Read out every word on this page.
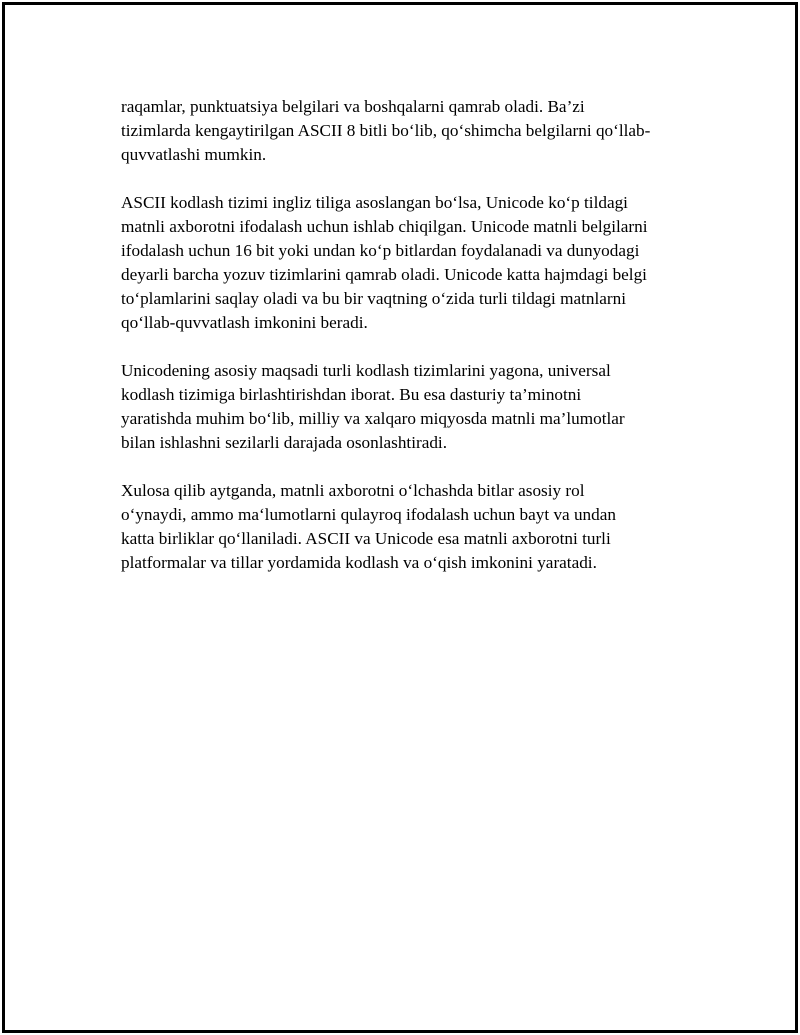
raqamlar, punktuatsiya belgilari va boshqalarni qamrab oladi. Ba’zi
tizimlarda kengaytirilgan ASCII 8 bitli bo‘lib, qo‘shimcha belgilarni qo‘llab-
quvvatlashi mumkin.

ASCII kodlash tizimi ingliz tiliga asoslangan bo‘lsa, Unicode ko‘p tildagi
matnli axborotni ifodalash uchun ishlab chiqilgan. Unicode matnli belgilarni
ifodalash uchun 16 bit yoki undan ko‘p bitlardan foydalanadi va dunyodagi
deyarli barcha yozuv tizimlarini qamrab oladi. Unicode katta hajmdagi belgi
to‘plamlarini saqlay oladi va bu bir vaqtning o‘zida turli tildagi matnlarni
qo‘llab-quvvatlash imkonini beradi.

Unicodening asosiy maqsadi turli kodlash tizimlarini yagona, universal
kodlash tizimiga birlashtirishdan iborat. Bu esa dasturiy ta’minotni
yaratishda muhim bo‘lib, milliy va xalqaro miqyosda matnli ma’lumotlar
bilan ishlashni sezilarli darajada osonlashtiradi.

Xulosa qilib aytganda, matnli axborotni o‘lchashda bitlar asosiy rol
o‘ynaydi, ammo ma‘lumotlarni qulayroq ifodalash uchun bayt va undan
katta birliklar qo‘llaniladi. ASCII va Unicode esa matnli axborotni turli
platformalar va tillar yordamida kodlash va o‘qish imkonini yaratadi.
